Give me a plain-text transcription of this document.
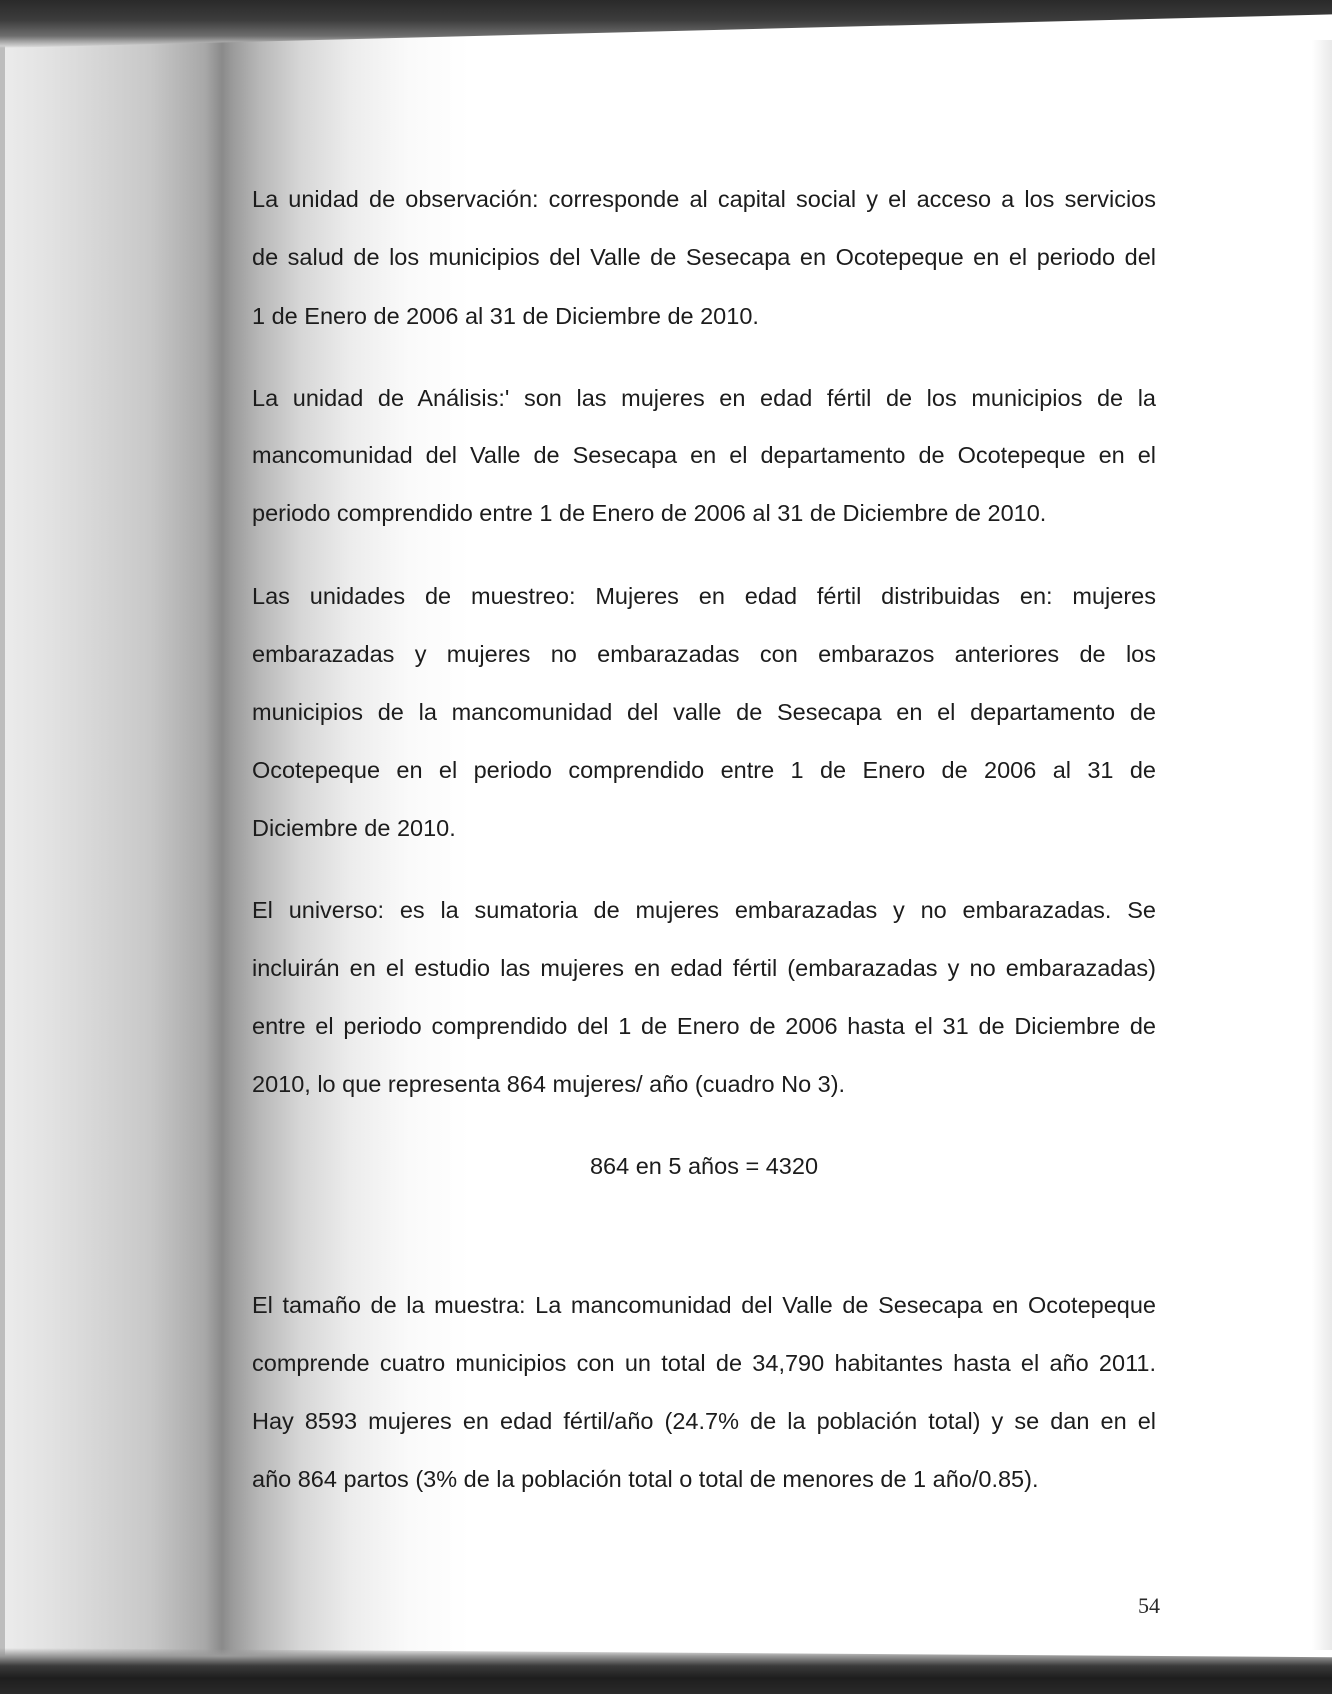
La unidad de observación: corresponde al capital social y el acceso a los servicios
de salud de los municipios del Valle de Sesecapa en Ocotepeque en el periodo del
1 de Enero de 2006 al 31 de Diciembre de 2010.
La unidad de Análisis:' son las mujeres en edad fértil de los municipios de la
mancomunidad del Valle de Sesecapa en el departamento de Ocotepeque en el
periodo comprendido entre 1 de Enero de 2006 al 31 de Diciembre de 2010.
Las unidades de muestreo: Mujeres en edad fértil distribuidas en: mujeres
embarazadas y mujeres no embarazadas con embarazos anteriores de los
municipios de la mancomunidad del valle de Sesecapa en el departamento de
Ocotepeque en el periodo comprendido entre 1 de Enero de 2006 al 31 de
Diciembre de 2010.
El universo: es la sumatoria de mujeres embarazadas y no embarazadas. Se
incluirán en el estudio las mujeres en edad fértil (embarazadas y no embarazadas)
entre el periodo comprendido del 1 de Enero de 2006 hasta el 31 de Diciembre de
2010, lo que representa 864 mujeres/ año (cuadro No 3).
864 en 5 años = 4320
El tamaño de la muestra: La mancomunidad del Valle de Sesecapa en Ocotepeque
comprende cuatro municipios con un total de 34,790 habitantes hasta el año 2011.
Hay 8593 mujeres en edad fértil/año (24.7% de la población total) y se dan en el
año 864 partos (3% de la población total o total de menores de 1 año/0.85).
54
